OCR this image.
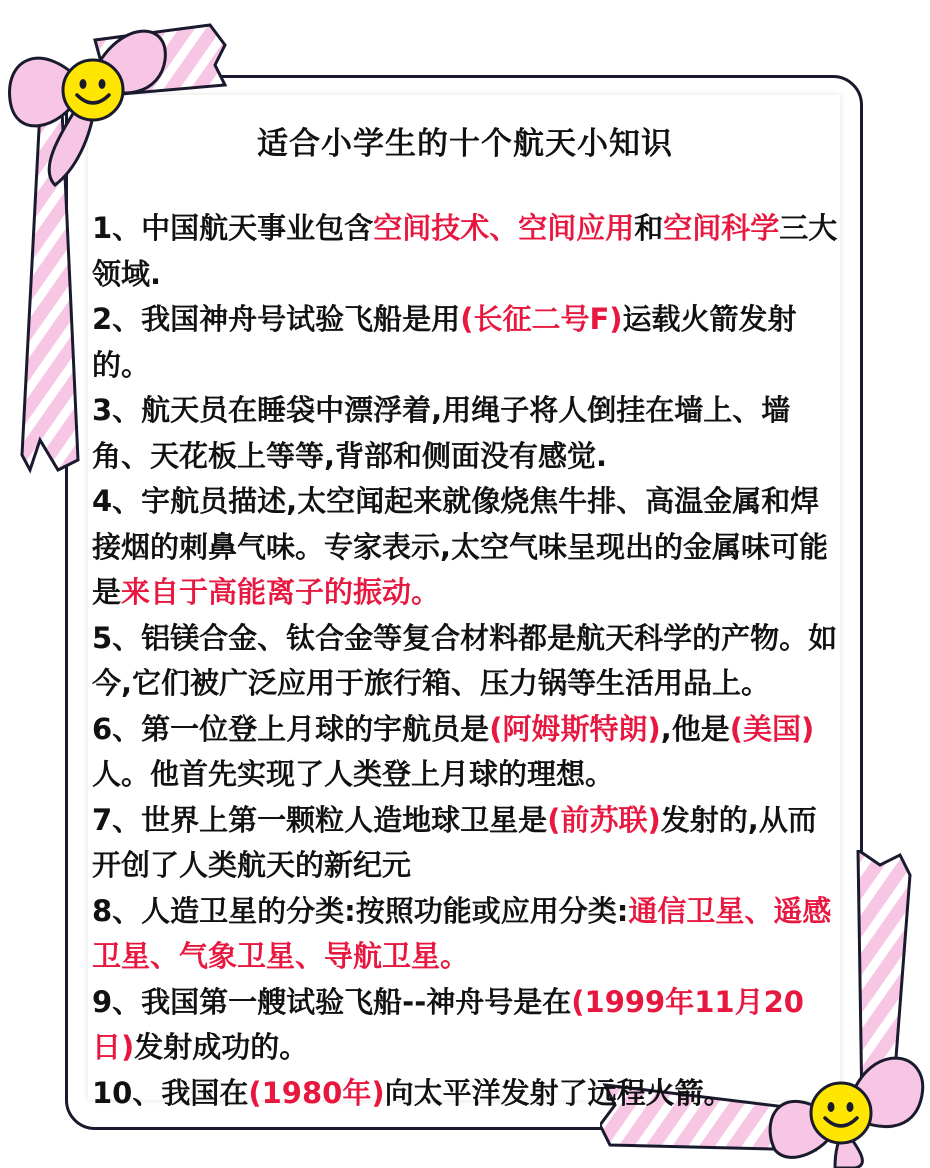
适合小学生的十个航天小知识

1、中国航天事业包含空间技术、空间应用和空间科学三大领域.

2、我国神舟号试验飞船是用(长征二号F)运载火箭发射的。

3、航天员在睡袋中漂浮着,用绳子将人倒挂在墙上、墙角、天花板上等等,背部和侧面没有感觉.

4、宇航员描述,太空闻起来就像烧焦牛排、高温金属和焊接烟的刺鼻气味。专家表示,太空气味呈现出的金属味可能是来自于高能离子的振动。

5、铝镁合金、钛合金等复合材料都是航天科学的产物。如今,它们被广泛应用于旅行箱、压力锅等生活用品上。

6、第一位登上月球的宇航员是(阿姆斯特朗),他是(美国)人。他首先实现了人类登上月球的理想。

7、世界上第一颗粒人造地球卫星是(前苏联)发射的,从而开创了人类航天的新纪元

8、人造卫星的分类:按照功能或应用分类:通信卫星、遥感卫星、气象卫星、导航卫星。

9、我国第一艘试验飞船--神舟号是在(1999年11月20日)发射成功的。

10、我国在(1980年)向太平洋发射了远程火箭。
